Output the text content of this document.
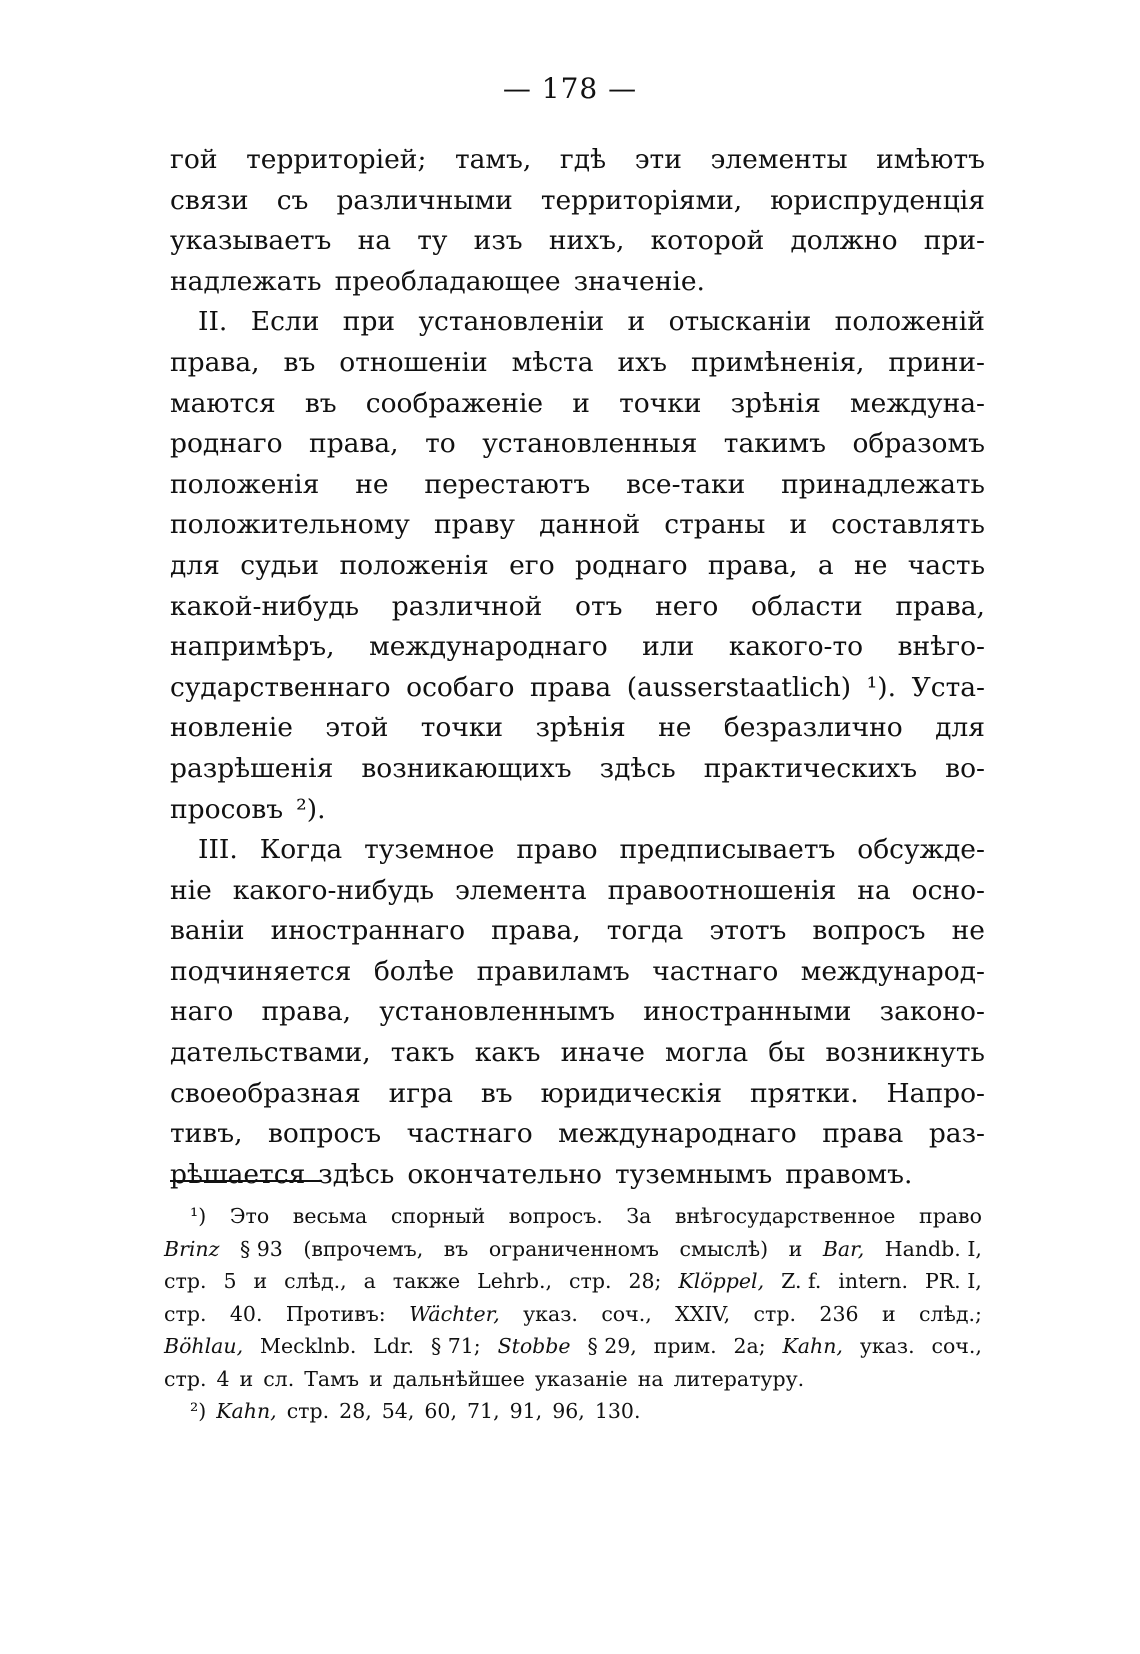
— 178 —
гой территоріей; тамъ, гдѣ эти элементы имѣютъ
связи съ различными территоріями, юриспруденція
указываетъ на ту изъ нихъ, которой должно при-
надлежать преобладающее значеніе.
II. Если при установленіи и отысканіи положеній
права, въ отношеніи мѣста ихъ примѣненія, прини-
маются въ соображеніе и точки зрѣнія междуна-
роднаго права, то установленныя такимъ образомъ
положенія не перестаютъ все-таки принадлежать
положительному праву данной страны и составлять
для судьи положенія его роднаго права, а не часть
какой-нибудь различной отъ него области права,
напримѣръ, международнаго или какого-то внѣго-
сударственнаго особаго права (ausserstaatlich) ¹). Уста-
новленіе этой точки зрѣнія не безразлично для
разрѣшенія возникающихъ здѣсь практическихъ во-
просовъ ²).
III. Когда туземное право предписываетъ обсужде-
ніе какого-нибудь элемента правоотношенія на осно-
ваніи иностраннаго права, тогда этотъ вопросъ не
подчиняется болѣе правиламъ частнаго международ-
наго права, установленнымъ иностранными законо-
дательствами, такъ какъ иначе могла бы возникнуть
своеобразная игра въ юридическія прятки. Напро-
тивъ, вопросъ частнаго международнаго права раз-
рѣшается здѣсь окончательно туземнымъ правомъ.
¹) Это весьма спорный вопросъ. За внѣгосударственное право
Brinz § 93 (впрочемъ, въ ограниченномъ смыслѣ) и Bar, Handb. I,
стр. 5 и слѣд., а также Lehrb., стр. 28; Klöppel, Z. f. intern. PR. I,
стр. 40. Противъ: Wächter, указ. соч., XXIV, стр. 236 и слѣд.;
Böhlau, Mecklnb. Ldr. § 71; Stobbe § 29, прим. 2а; Kahn, указ. соч.,
стр. 4 и сл. Тамъ и дальнѣйшее указаніе на литературу.
²) Kahn, стр. 28, 54, 60, 71, 91, 96, 130.
